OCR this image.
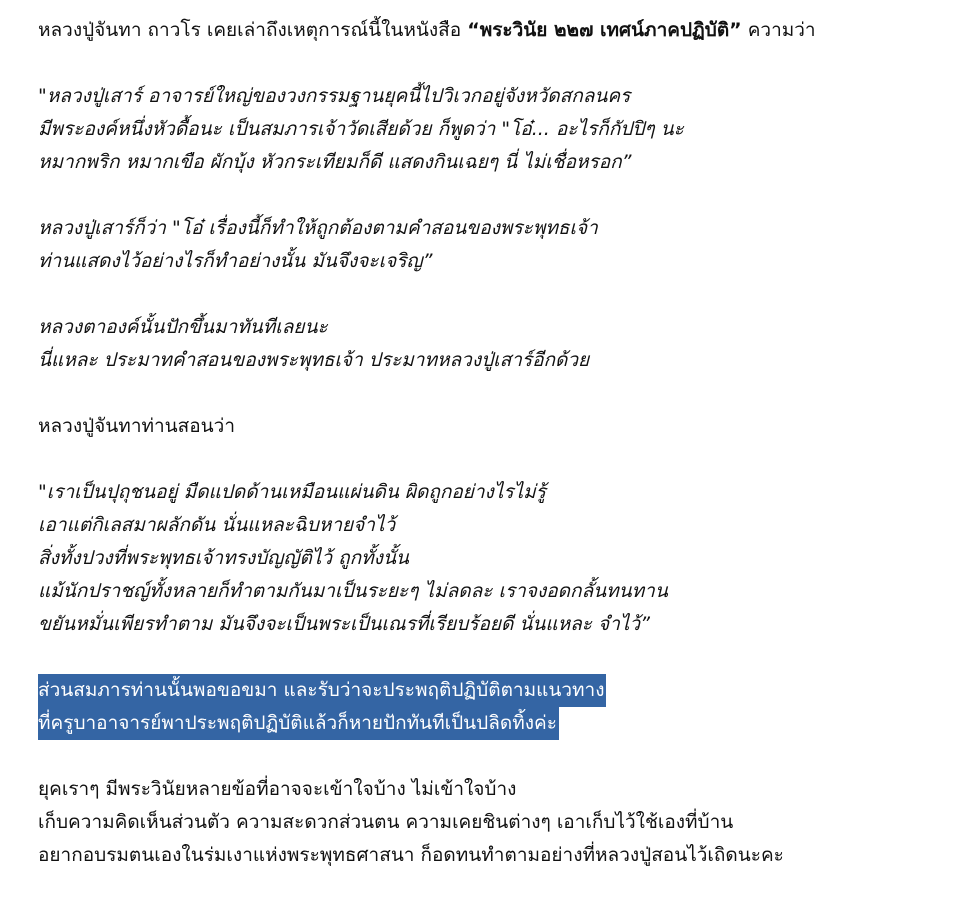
หลวงปู่จันทา ถาวโร เคยเล่าถึงเหตุการณ์นี้ในหนังสือ “พระวินัย ๒๒๗ เทศน์ภาคปฏิบัติ” ความว่า
"หลวงปู่เสาร์ อาจารย์ใหญ่ของวงกรรมฐานยุคนี้ไปวิเวกอยู่จังหวัดสกลนคร
มีพระองค์หนึ่งหัวดื้อนะ เป็นสมภารเจ้าวัดเสียด้วย ก็พูดว่า "โอ๋... อะไรก็กัปปิๆ นะ
หมากพริก หมากเขือ ผักบุ้ง หัวกระเทียมก็ดี แสดงกินเฉยๆ นี่ ไม่เชื่อหรอก”
หลวงปู่เสาร์ก็ว่า "โอ๋ เรื่องนี้ก็ทำให้ถูกต้องตามคำสอนของพระพุทธเจ้า
ท่านแสดงไว้อย่างไรก็ทำอย่างนั้น มันจึงจะเจริญ”
หลวงตาองค์นั้นปักขึ้นมาทันทีเลยนะ
นี่แหละ ประมาทคำสอนของพระพุทธเจ้า ประมาทหลวงปู่เสาร์อีกด้วย
หลวงปู่จันทาท่านสอนว่า
"เราเป็นปุถุชนอยู่ มืดแปดด้านเหมือนแผ่นดิน ผิดถูกอย่างไรไม่รู้
เอาแต่กิเลสมาผลักดัน นั่นแหละฉิบหายจำไว้
สิ่งทั้งปวงที่พระพุทธเจ้าทรงบัญญัติไว้ ถูกทั้งนั้น
แม้นักปราชญ์ทั้งหลายก็ทำตามกันมาเป็นระยะๆ ไม่ลดละ เราจงอดกลั้นทนทาน
ขยันหมั่นเพียรทำตาม มันจึงจะเป็นพระเป็นเณรที่เรียบร้อยดี นั่นแหละ จำไว้”
ส่วนสมภารท่านนั้นพอขอขมา และรับว่าจะประพฤติปฏิบัติตามแนวทาง
ที่ครูบาอาจารย์พาประพฤติปฏิบัติแล้วก็หายปักทันทีเป็นปลิดทิ้งค่ะ
ยุคเราๆ มีพระวินัยหลายข้อที่อาจจะเข้าใจบ้าง ไม่เข้าใจบ้าง
เก็บความคิดเห็นส่วนตัว ความสะดวกส่วนตน ความเคยชินต่างๆ เอาเก็บไว้ใช้เองที่บ้าน
อยากอบรมตนเองในร่มเงาแห่งพระพุทธศาสนา ก็อดทนทำตามอย่างที่หลวงปู่สอนไว้เถิดนะคะ
